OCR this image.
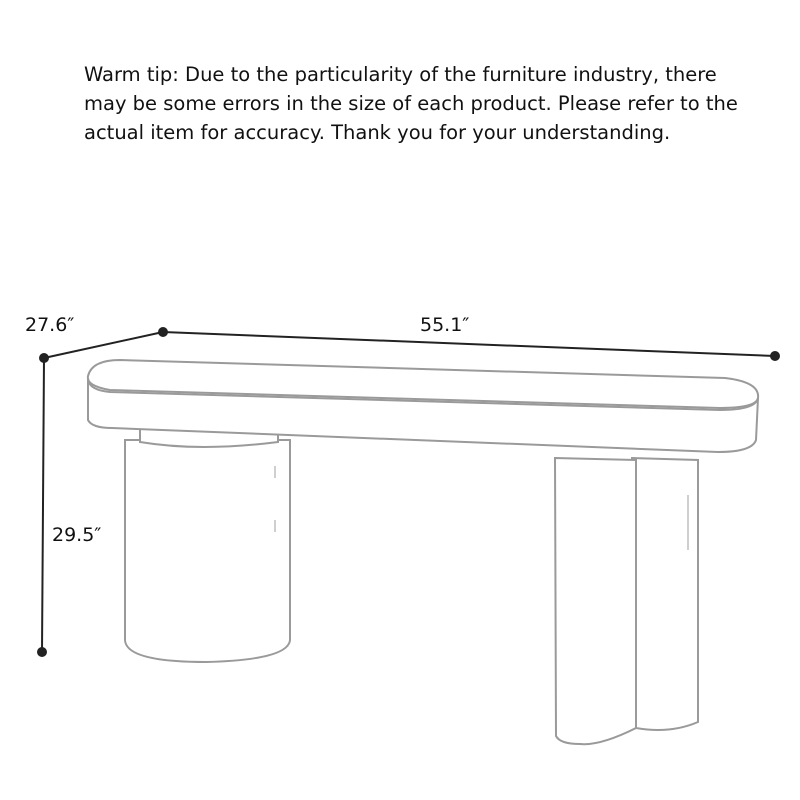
Warm tip: Due to the particularity of the furniture industry, there

may be some errors in the size of each product. Please refer to the

actual item for accuracy. Thank you for your understanding.

27.6″	55.1″
29.5″
